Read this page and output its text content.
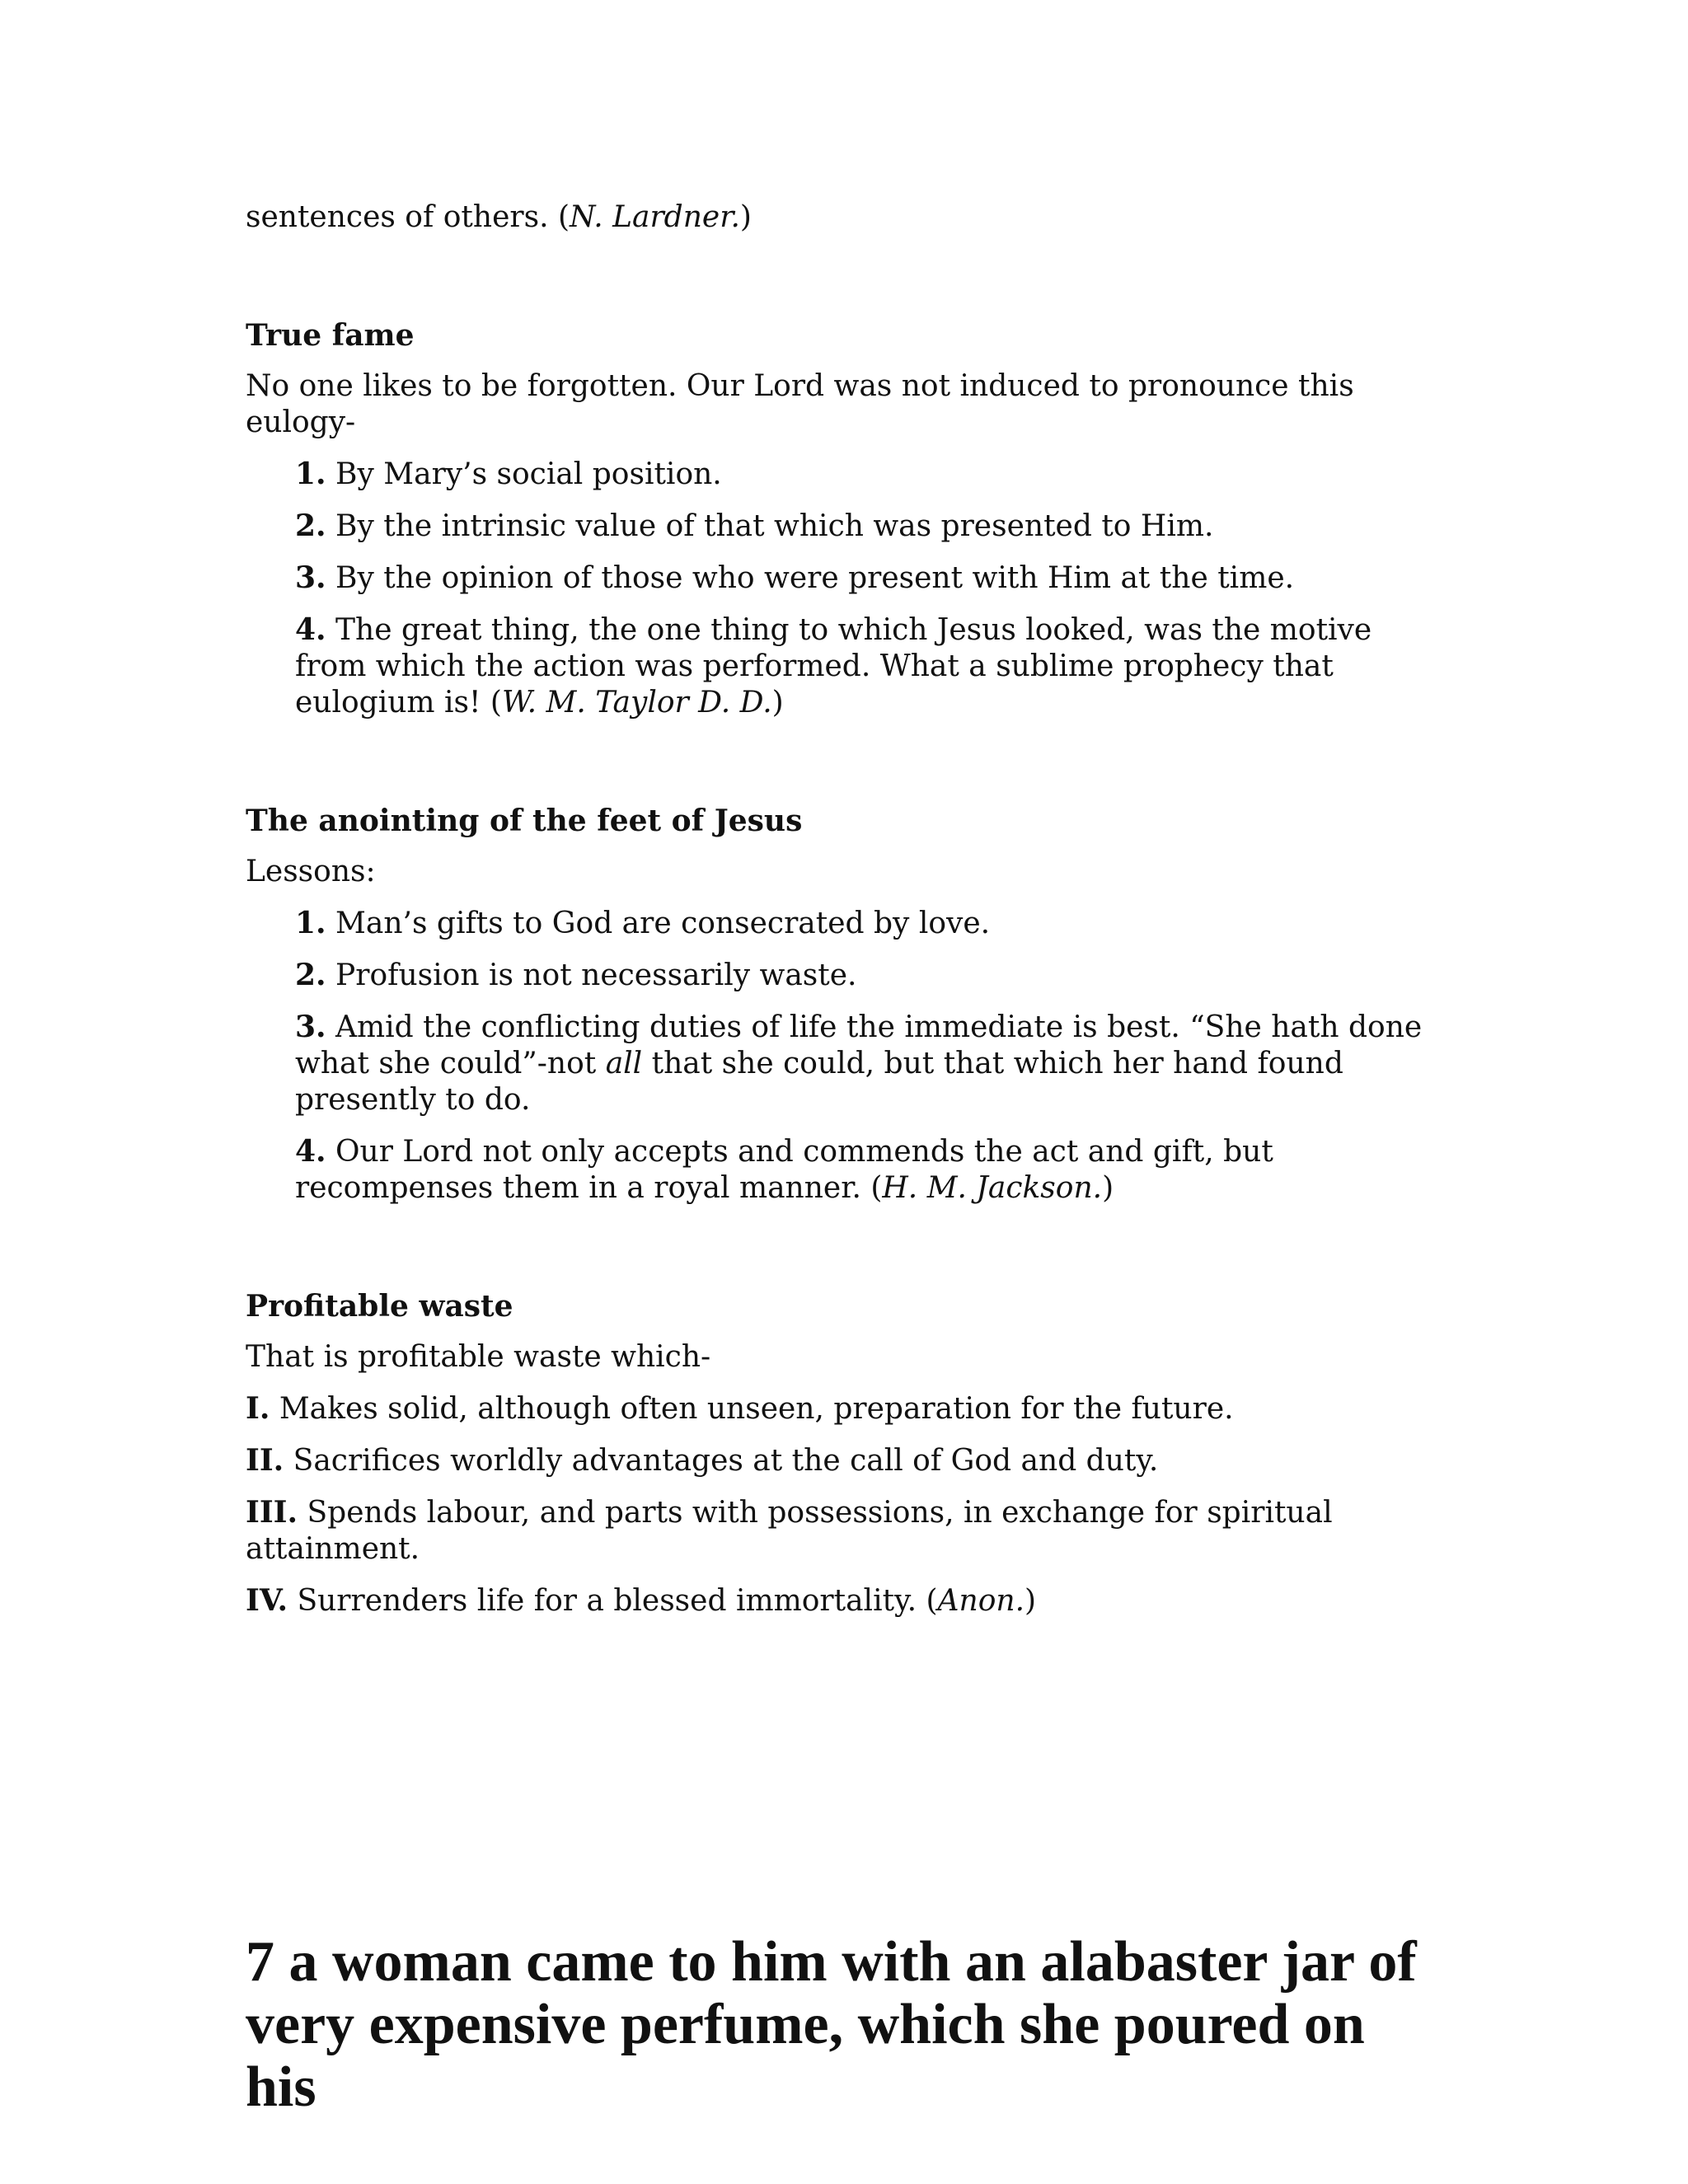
sentences of others. (N. Lardner.)

True fame

No one likes to be forgotten. Our Lord was not induced to pronounce this eulogy-

1. By Mary’s social position.

2. By the intrinsic value of that which was presented to Him.

3. By the opinion of those who were present with Him at the time.

4. The great thing, the one thing to which Jesus looked, was the motive from which the action was performed. What a sublime prophecy that eulogium is! (W. M. Taylor D. D.)

The anointing of the feet of Jesus

Lessons:

1. Man’s gifts to God are consecrated by love.

2. Profusion is not necessarily waste.

3. Amid the conflicting duties of life the immediate is best. “She hath done what she could”-not all that she could, but that which her hand found presently to do.

4. Our Lord not only accepts and commends the act and gift, but recompenses them in a royal manner. (H. M. Jackson.)

Profitable waste

That is profitable waste which-

I. Makes solid, although often unseen, preparation for the future.

II. Sacrifices worldly advantages at the call of God and duty.

III. Spends labour, and parts with possessions, in exchange for spiritual attainment.

IV. Surrenders life for a blessed immortality. (Anon.)

7 a woman came to him with an alabaster jar of
very expensive perfume, which she poured on his
